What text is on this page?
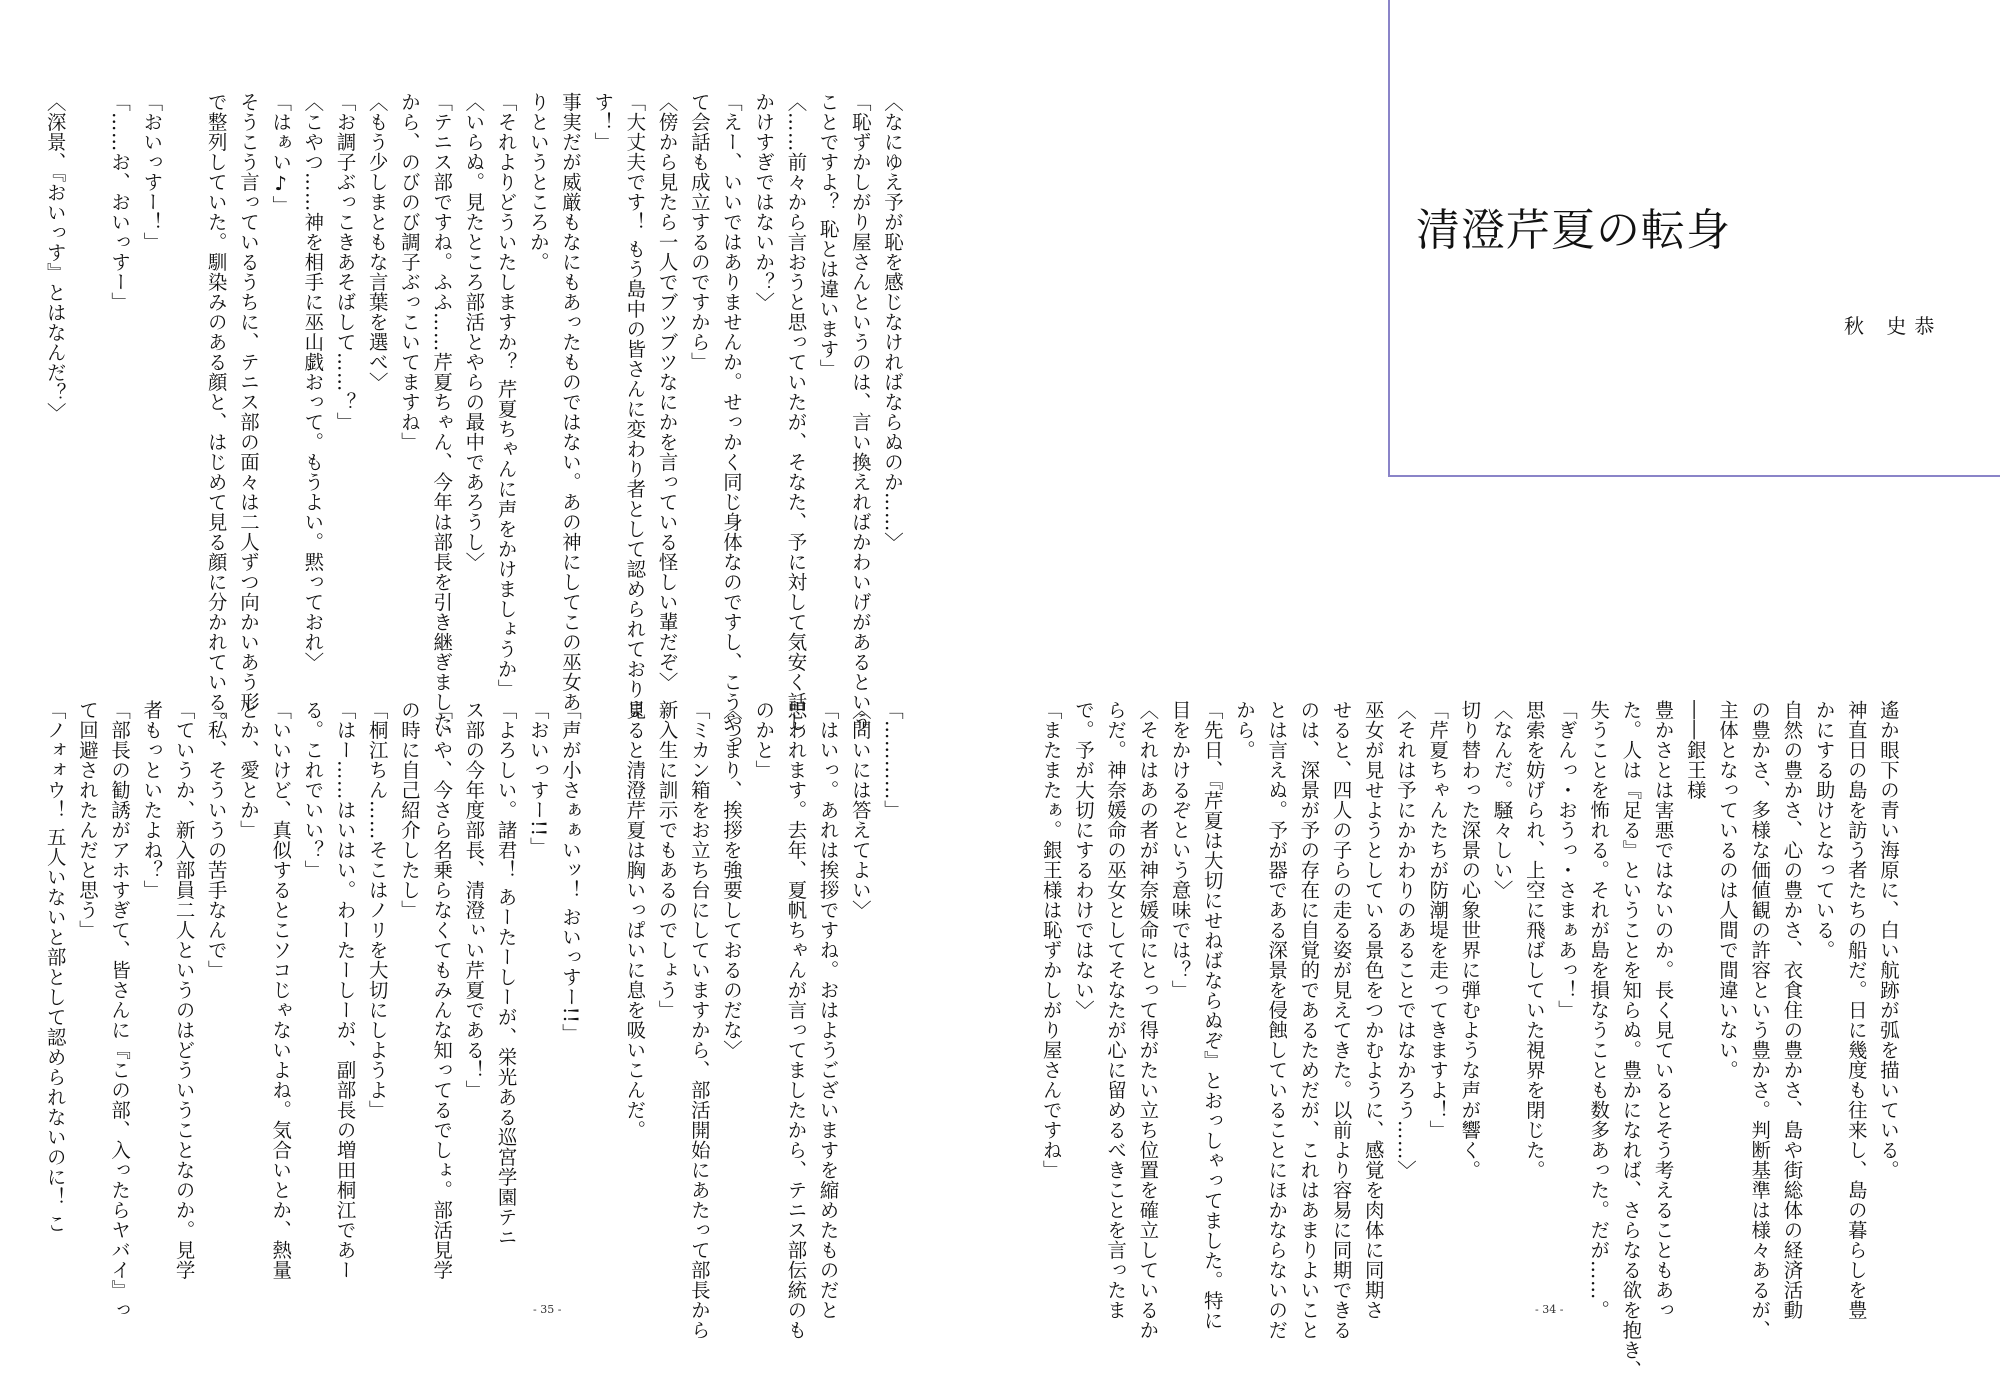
清澄芹夏の転身
秋 史恭
遙か眼下の青い海原に、白い航跡が弧を描いている。
神直日の島を訪う者たちの船だ。日に幾度も往来し、島の暮らしを豊
かにする助けとなっている。
自然の豊かさ、心の豊かさ、衣食住の豊かさ、島や街総体の経済活動
の豊かさ、多様な価値観の許容という豊かさ。判断基準は様々あるが、
主体となっているのは人間で間違いない。
――銀王様
豊かさとは害悪ではないのか。長く見ているとそう考えることもあっ
た。人は『足る』ということを知らぬ。豊かになれば、さらなる欲を抱き、
失うことを怖れる。それが島を損なうことも数多あった。だが……。
「ぎんっ・おうっ・さまぁあっ！」
思索を妨げられ、上空に飛ばしていた視界を閉じた。
〈なんだ。騒々しい〉
切り替わった深景の心象世界に弾むような声が響く。
「芹夏ちゃんたちが防潮堤を走ってきますよ！」
〈それは予にかかわりのあることではなかろう……〉
巫女が見せようとしている景色をつかむように、感覚を肉体に同期さ
せると、四人の子らの走る姿が見えてきた。以前より容易に同期できる
のは、深景が予の存在に自覚的であるためだが、これはあまりよいこと
とは言えぬ。予が器である深景を侵蝕していることにほかならないのだ
から。
「先日、『芹夏は大切にせねばならぬぞ』とおっしゃってました。特に
目をかけるぞという意味では？」
〈それはあの者が神奈媛命にとって得がたい立ち位置を確立しているか
らだ。神奈媛命の巫女としてそなたが心に留めるべきことを言ったま
で。予が大切にするわけではない〉
「またまたぁ。銀王様は恥ずかしがり屋さんですね」
〈なにゆえ予が恥を感じなければならぬのか……〉
「恥ずかしがり屋さんというのは、言い換えればかわいげがあるという
ことですよ？ 恥とは違います」
〈……前々から言おうと思っていたが、そなた、予に対して気安く話し
かけすぎではないか？〉
「えー、いいではありませんか。せっかく同じ身体なのですし、こうやっ
て会話も成立するのですから」
〈傍から見たら一人でブツブツなにかを言っている怪しい輩だぞ〉
「大丈夫です！ もう島中の皆さんに変わり者として認められておりま
す！」
事実だが威厳もなにもあったものではない。あの神にしてこの巫女あ
りというところか。
「それよりどういたしますか？ 芹夏ちゃんに声をかけましょうか」
〈いらぬ。見たところ部活とやらの最中であろうし〉
「テニス部ですね。ふふ……芹夏ちゃん、今年は部長を引き継ぎました
から、のびのび調子ぶっこいてますね」
〈もう少しまともな言葉を選べ〉
「お調子ぶっこきあそばして……？」
〈こやつ……神を相手に巫山戯おって。もうよい。黙っておれ〉
「はぁい♪」
そうこう言っているうちに、テニス部の面々は二人ずつ向かいあう形
で整列していた。馴染みのある顔と、はじめて見る顔に分かれている。

「おいっすー！」
「……お、おいっすー」

〈深景、『おいっす』とはなんだ？〉
「…………」
〈問いには答えてよい〉
「はいっ。あれは挨拶ですね。おはようございますを縮めたものだと
思われます。去年、夏帆ちゃんが言ってましたから、テニス部伝統のも
のかと」
〈つまり、挨拶を強要しておるのだな〉
「ミカン箱をお立ち台にしていますから、部活開始にあたって部長から
新入生に訓示でもあるのでしょう」
見ると清澄芹夏は胸いっぱいに息を吸いこんだ。

「声が小さぁぁいッ！ おいっすー!!」
「おいっすー!!」
「よろしい。諸君！ あーたーしーが、栄光ある巡宮学園テニ
ス部の今年度部長、清澄ぃい芹夏である！」
「いや、今さら名乗らなくてもみんな知ってるでしょ。部活見学
の時に自己紹介したし」
「桐江ちん……そこはノリを大切にしようよ」
「はー……はいはい。わーたーしーが、副部長の増田桐江であー
る。これでいい？」
「いいけど、真似するとこソコじゃないよね。気合いとか、熱量
とか、愛とか」
「私、そういうの苦手なんで」
「ていうか、新入部員二人というのはどういうことなのか。見学
者もっといたよね？」
「部長の勧誘がアホすぎて、皆さんに『この部、入ったらヤバイ』っ
て回避されたんだと思う」
「ノォォウ！ 五人いないと部として認められないのに！ こ
- 34 -
- 35 -
